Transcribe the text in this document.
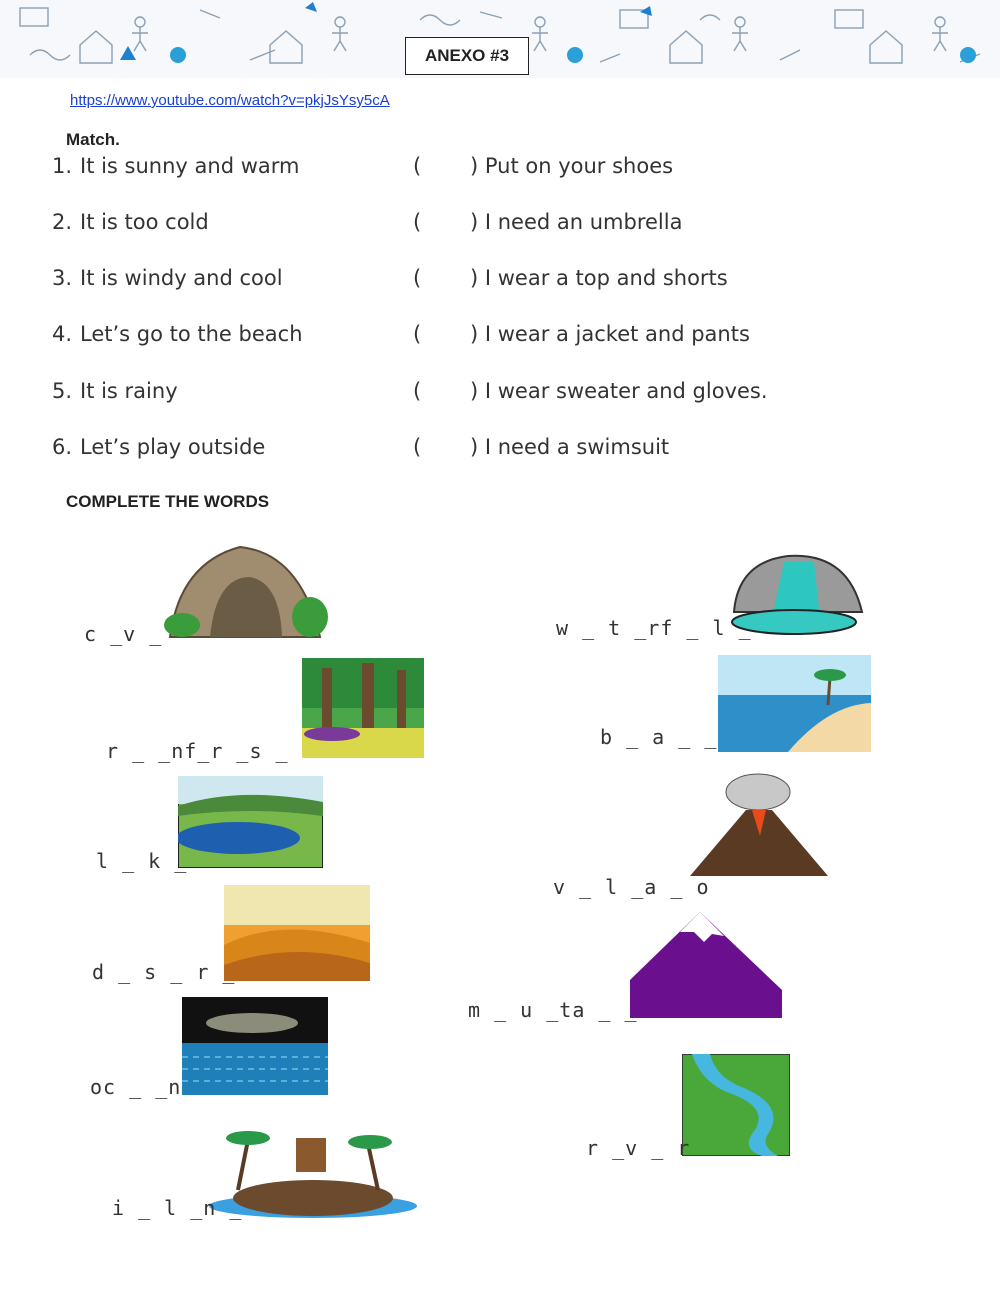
ANEXO #3
https://www.youtube.com/watch?v=pkjJsYsy5cA
Match.
1. It is sunny and warm	( ) Put on your shoes
2. It is too cold	( ) I need an umbrella
3. It is windy and cool	( ) I wear a top and shorts
4. Let’s go to the beach	( ) I wear a jacket and pants
5. It is rainy	( ) I wear sweater and gloves.
6. Let’s play outside	( ) I need a swimsuit
COMPLETE THE WORDS
c _v _	w _ t _rf _ l _
r _ _nf_r _s _
b _ a _ _
l _ k _
v _ l _a _ o
d _ s _ r _
m _ u _ta _ _
oc _ _n
r _v _ r
i _ l _n _
